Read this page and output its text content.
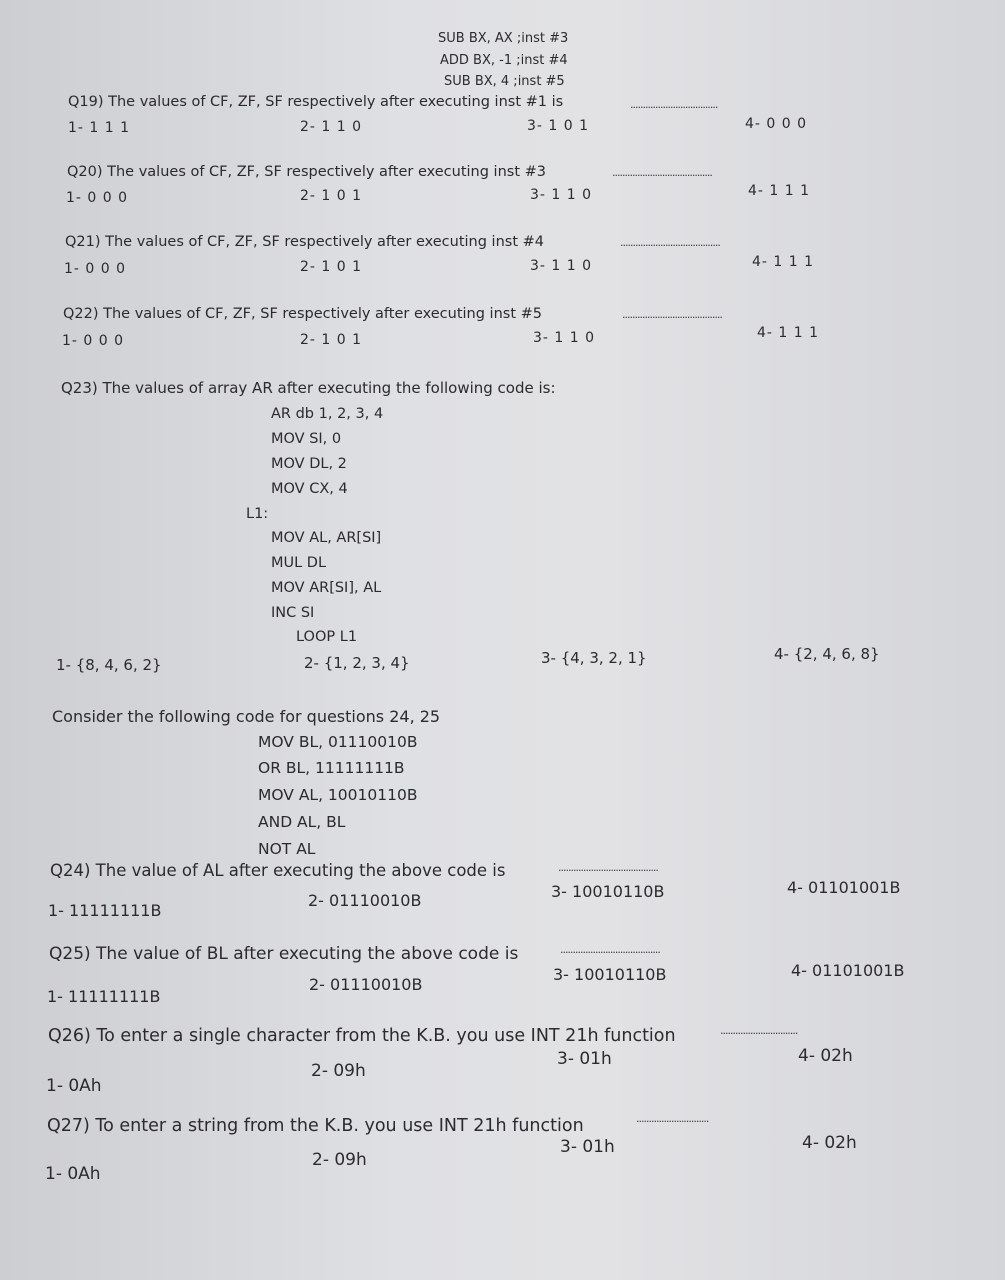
SUB BX, AX ;inst #3
ADD BX, -1 ;inst #4
SUB BX, 4 ;inst #5
Q19) The values of CF, ZF, SF respectively after executing inst #1 is	...................................
1- 1 1 1	2- 1 1 0	3- 1 0 1	4- 0 0 0
Q20) The values of CF, ZF, SF respectively after executing inst #3	........................................
1- 0 0 0	2- 1 0 1	3- 1 1 0	4- 1 1 1
Q21) The values of CF, ZF, SF respectively after executing inst #4	........................................
1- 0 0 0	2- 1 0 1	3- 1 1 0	4- 1 1 1
Q22) The values of CF, ZF, SF respectively after executing inst #5	........................................
1- 0 0 0	2- 1 0 1	3- 1 1 0	4- 1 1 1
Q23) The values of array AR after executing the following code is:
AR db 1, 2, 3, 4
MOV SI, 0
MOV DL, 2
MOV CX, 4
L1:
MOV AL, AR[SI]
MUL DL
MOV AR[SI], AL
INC SI
LOOP L1
1- {8, 4, 6, 2}	2- {1, 2, 3, 4}	3- {4, 3, 2, 1}	4- {2, 4, 6, 8}
Consider the following code for questions 24, 25
MOV BL, 01110010B
OR BL, 11111111B
MOV AL, 10010110B
AND AL, BL
NOT AL
Q24) The value of AL after executing the above code is	........................................
1- 11111111B
2- 01110010B	3- 10010110B	4- 01101001B
Q25) The value of BL after executing the above code is	........................................
1- 11111111B
2- 01110010B
3- 10010110B	4- 01101001B
Q26) To enter a single character from the K.B. you use INT 21h function	...............................
1- 0Ah
2- 09h
3- 01h	4- 02h
Q27) To enter a string from the K.B. you use INT 21h function	.............................
1- 0Ah
2- 09h
3- 01h	4- 02h
